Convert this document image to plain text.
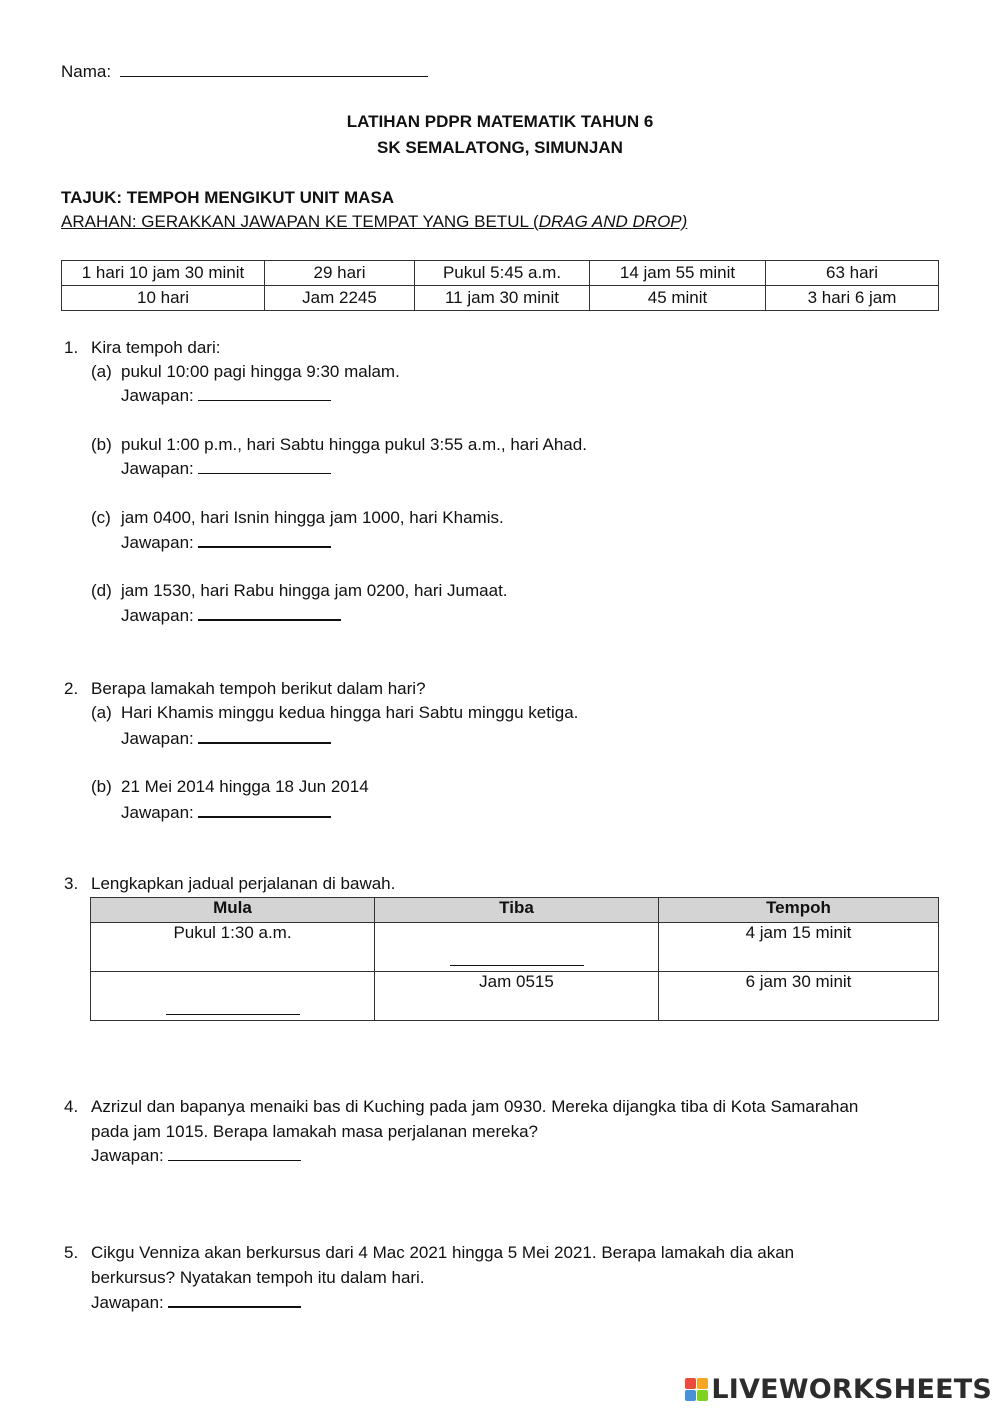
Nama:
LATIHAN PDPR MATEMATIK TAHUN 6
SK SEMALATONG, SIMUNJAN
TAJUK: TEMPOH MENGIKUT UNIT MASA
ARAHAN: GERAKKAN JAWAPAN KE TEMPAT YANG BETUL (DRAG AND DROP)
1 hari 10 jam 30 minit	29 hari	Pukul 5:45 a.m.	14 jam 55 minit	63 hari
10 hari	Jam 2245	11 jam 30 minit	45 minit	3 hari 6 jam
1. Kira tempoh dari:
(a) pukul 10:00 pagi hingga 9:30 malam.
Jawapan:
(b) pukul 1:00 p.m., hari Sabtu hingga pukul 3:55 a.m., hari Ahad.
Jawapan:
(c) jam 0400, hari Isnin hingga jam 1000, hari Khamis.
Jawapan:
(d) jam 1530, hari Rabu hingga jam 0200, hari Jumaat.
Jawapan:
2. Berapa lamakah tempoh berikut dalam hari?
(a) Hari Khamis minggu kedua hingga hari Sabtu minggu ketiga.
Jawapan:
(b) 21 Mei 2014 hingga 18 Jun 2014
Jawapan:
3. Lengkapkan jadual perjalanan di bawah.
Mula	Tiba	Tempoh
Pukul 1:30 a.m.		4 jam 15 minit

	Jam 0515	6 jam 30 minit
4. Azrizul dan bapanya menaiki bas di Kuching pada jam 0930. Mereka dijangka tiba di Kota Samarahan
pada jam 1015. Berapa lamakah masa perjalanan mereka?
Jawapan:
5. Cikgu Venniza akan berkursus dari 4 Mac 2021 hingga 5 Mei 2021. Berapa lamakah dia akan
berkursus? Nyatakan tempoh itu dalam hari.
Jawapan:
LIVEWORKSHEETS
